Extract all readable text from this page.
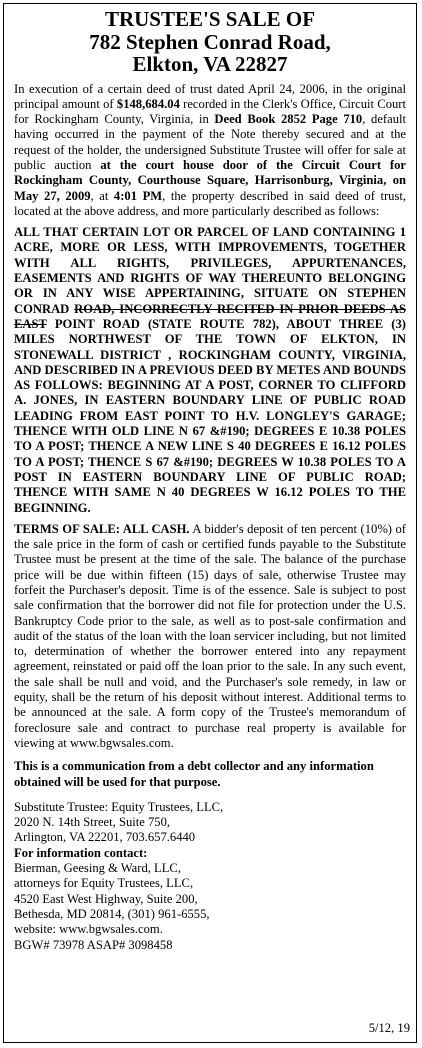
TRUSTEE'S SALE OF
782 Stephen Conrad Road,
Elkton, VA 22827

In execution of a certain deed of trust dated April 24, 2006, in the original principal amount of $148,684.04 recorded in the Clerk's Office, Circuit Court for Rockingham County, Virginia, in Deed Book 2852 Page 710, default having occurred in the payment of the Note thereby secured and at the request of the holder, the undersigned Substitute Trustee will offer for sale at public auction at the court house door of the Circuit Court for Rockingham County, Courthouse Square, Harrisonburg, Virginia, on May 27, 2009, at 4:01 PM, the property described in said deed of trust, located at the above address, and more particularly described as follows:

ALL THAT CERTAIN LOT OR PARCEL OF LAND CONTAINING 1 ACRE, MORE OR LESS, WITH IMPROVEMENTS, TOGETHER WITH ALL RIGHTS, PRIVILEGES, APPURTENANCES, EASEMENTS AND RIGHTS OF WAY THEREUNTO BELONGING OR IN ANY WISE APPERTAINING, SITUATE ON STEPHEN CONRAD ROAD, INCORRECTLY RECITED IN PRIOR DEEDS AS EAST POINT ROAD (STATE ROUTE 782), ABOUT THREE (3) MILES NORTHWEST OF THE TOWN OF ELKTON, IN STONEWALL DISTRICT , ROCKINGHAM COUNTY, VIRGINIA, AND DESCRIBED IN A PREVIOUS DEED BY METES AND BOUNDS AS FOLLOWS: BEGINNING AT A POST, CORNER TO CLIFFORD A. JONES, IN EASTERN BOUNDARY LINE OF PUBLIC ROAD LEADING FROM EAST POINT TO H.V. LONGLEY'S GARAGE; THENCE WITH OLD LINE N 67 &#190; DEGREES E 10.38 POLES TO A POST; THENCE A NEW LINE S 40 DEGREES E 16.12 POLES TO A POST; THENCE S 67 &#190; DEGREES W 10.38 POLES TO A POST IN EASTERN BOUNDARY LINE OF PUBLIC ROAD; THENCE WITH SAME N 40 DEGREES W 16.12 POLES TO THE BEGINNING.

TERMS OF SALE: ALL CASH. A bidder's deposit of ten percent (10%) of the sale price in the form of cash or certified funds payable to the Substitute Trustee must be present at the time of the sale. The balance of the purchase price will be due within fifteen (15) days of sale, otherwise Trustee may forfeit the Purchaser's deposit. Time is of the essence. Sale is subject to post sale confirmation that the borrower did not file for protection under the U.S. Bankruptcy Code prior to the sale, as well as to post-sale confirmation and audit of the status of the loan with the loan servicer including, but not limited to, determination of whether the borrower entered into any repayment agreement, reinstated or paid off the loan prior to the sale. In any such event, the sale shall be null and void, and the Purchaser's sole remedy, in law or equity, shall be the return of his deposit without interest. Additional terms to be announced at the sale. A form copy of the Trustee's memorandum of foreclosure sale and contract to purchase real property is available for viewing at www.bgwsales.com.

This is a communication from a debt collector and any information obtained will be used for that purpose.

Substitute Trustee: Equity Trustees, LLC,
2020 N. 14th Street, Suite 750,
Arlington, VA 22201, 703.657.6440
For information contact:
Bierman, Geesing & Ward, LLC,
attorneys for Equity Trustees, LLC,
4520 East West Highway, Suite 200,
Bethesda, MD 20814, (301) 961-6555,
website: www.bgwsales.com.
BGW# 73978 ASAP# 3098458
5/12, 19
